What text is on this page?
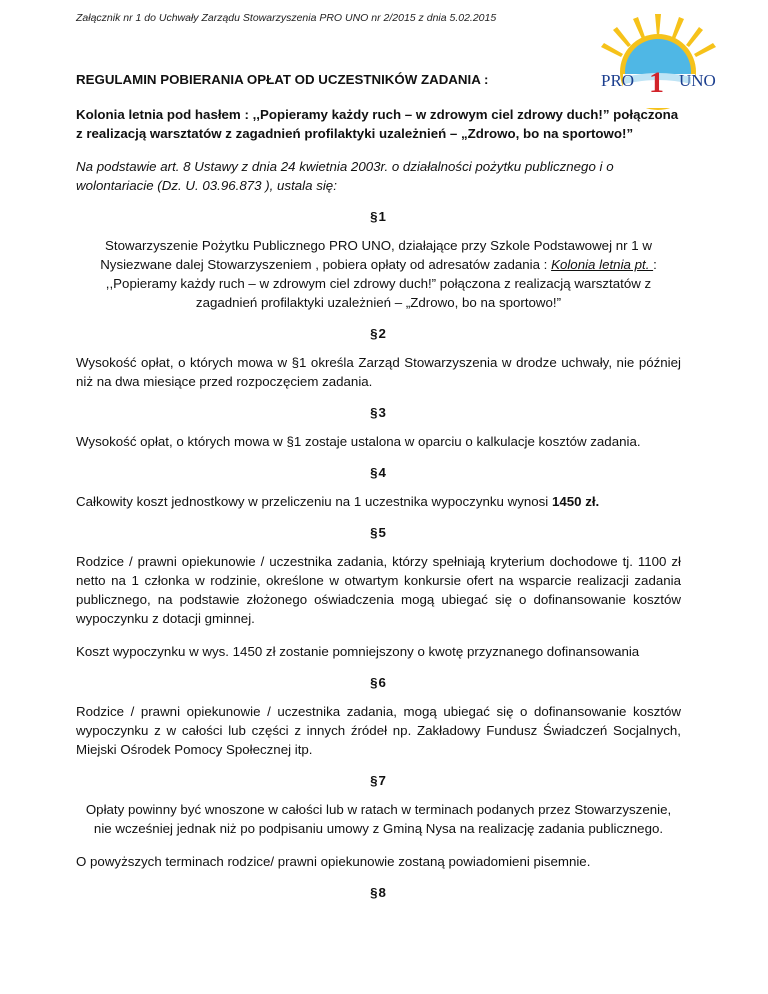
Załącznik nr 1 do Uchwały Zarządu Stowarzyszenia PRO UNO nr 2/2015 z dnia 5.02.2015
PRO 1 UNO
REGULAMIN POBIERANIA OPŁAT OD UCZESTNIKÓW ZADANIA :
Kolonia letnia pod hasłem : ,,Popieramy każdy ruch – w zdrowym ciel zdrowy duch!” połączona z realizacją warsztatów z zagadnień profilaktyki uzależnień – „Zdrowo, bo na sportowo!”
Na podstawie art. 8 Ustawy z dnia 24 kwietnia 2003r. o działalności pożytku publicznego i o wolontariacie (Dz. U. 03.96.873 ), ustala się:
§1

Stowarzyszenie Pożytku Publicznego PRO UNO, działające przy Szkole Podstawowej nr 1 w Nysiezwane dalej Stowarzyszeniem , pobiera opłaty od adresatów zadania : Kolonia letnia pt. : ,,Popieramy każdy ruch – w zdrowym ciel zdrowy duch!” połączona z realizacją warsztatów z zagadnień profilaktyki uzależnień – „Zdrowo, bo na sportowo!”

§2

Wysokość opłat, o których mowa w §1 określa Zarząd Stowarzyszenia w drodze uchwały, nie później niż na dwa miesiące przed rozpoczęciem zadania.

§3

Wysokość opłat, o których mowa w §1 zostaje ustalona w oparciu o kalkulacje kosztów zadania.

§4

Całkowity koszt jednostkowy w przeliczeniu na 1 uczestnika wypoczynku wynosi 1450 zł.

§5

Rodzice / prawni opiekunowie / uczestnika zadania, którzy spełniają kryterium dochodowe tj. 1100 zł netto na 1 członka w rodzinie, określone w otwartym konkursie ofert na wsparcie realizacji zadania publicznego, na podstawie złożonego oświadczenia mogą ubiegać się o dofinansowanie kosztów wypoczynku z dotacji gminnej.

Koszt wypoczynku w wys. 1450 zł zostanie pomniejszony o kwotę przyznanego dofinansowania

§6

Rodzice / prawni opiekunowie / uczestnika zadania, mogą ubiegać się o dofinansowanie kosztów wypoczynku z w całości lub części z innych źródeł np. Zakładowy Fundusz Świadczeń Socjalnych, Miejski Ośrodek Pomocy Społecznej itp.

§7

Opłaty powinny być wnoszone w całości lub w ratach w terminach podanych przez Stowarzyszenie, nie wcześniej jednak niż po podpisaniu umowy z Gminą Nysa na realizację zadania publicznego.

O powyższych terminach rodzice/ prawni opiekunowie zostaną powiadomieni pisemnie.

§8
